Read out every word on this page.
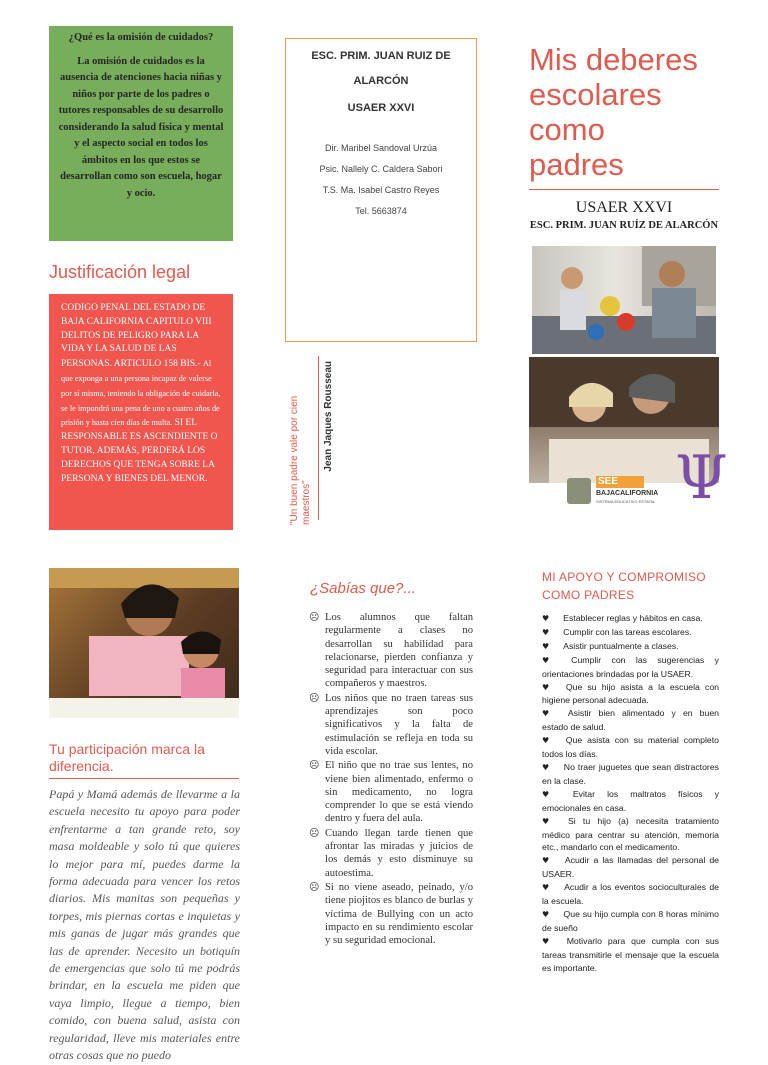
¿Qué es la omisión de cuidados?
La omisión de cuidados es la ausencia de atenciones hacia niñas y niños por parte de los padres o tutores responsables de su desarrollo considerando la salud física y mental y el aspecto social en todos los ámbitos en los que estos se desarrollan como son escuela, hogar y ocio.
Justificación legal
CODIGO PENAL DEL ESTADO DE BAJA CALIFORNIA CAPITULO VIII DELITOS DE PELIGRO PARA LA VIDA Y LA SALUD DE LAS PERSONAS. ARTICULO 158 BIS.- Al que exponga a una persona incapaz de valerse por sí misma, teniendo la obligación de cuidarla, se le impondrá una pena de uno a cuatro años de prisión y hasta cien días de multa. SI EL RESPONSABLE ES ASCENDIENTE O TUTOR, ADEMÁS, PERDERÁ LOS DERECHOS QUE TENGA SOBRE LA PERSONA Y BIENES DEL MENOR.
ESC. PRIM. JUAN RUIZ DE ALARCÓN
USAER XXVI
Dir. Maribel Sandoval Urzúa
Psic. Nallely C. Caldera Sabori
T.S. Ma. Isabel Castro Reyes
Tel. 5663874
"Un buen padre vale por cien maestros"
Jean Jaques Rousseau
Mis deberes
escolares
como
padres
USAER XXVI
ESC. PRIM. JUAN RUÍZ DE ALARCÓN
SEE
BAJACALIFORNIA
SISTEMA EDUCATIVO ESTATAL Ψ
Tu participación marca la diferencia.
Papá y Mamá además de llevarme a la escuela necesito tu apoyo para poder enfrentarme a tan grande reto, soy masa moldeable y solo tú que quieres lo mejor para mí, puedes darme la forma adecuada para vencer los retos diarios. Mis manitas son pequeñas y torpes, mis piernas cortas e inquietas y mis ganas de jugar más grandes que las de aprender. Necesito un botiquín de emergencias que solo tú me podrás brindar, en la escuela me piden que vaya limpio, llegue a tiempo, bien comido, con buena salud, asista con regularidad, lleve mis materiales entre otras cosas que no puedo
¿Sabías que?...
☹ Los alumnos que faltan regularmente a clases no desarrollan su habilidad para relacionarse, pierden confianza y seguridad para interactuar con sus compañeros y maestros.
☹ Los niños que no traen tareas sus aprendizajes son poco significativos y la falta de estimulación se refleja en toda su vida escolar.
☹ El niño que no trae sus lentes, no viene bien alimentado, enfermo o sin medicamento, no logra comprender lo que se está viendo dentro y fuera del aula.
☹ Cuando llegan tarde tienen que afrontar las miradas y juicios de los demás y esto disminuye su autoestima.
☹ Si no viene aseado, peinado, y/o tiene piojitos es blanco de burlas y víctima de Bullying con un acto impacto en su rendimiento escolar y su seguridad emocional.
MI APOYO Y COMPROMISO COMO PADRES
♥ Establecer reglas y hábitos en casa.
♥ Cumplir con las tareas escolares.
♥ Asistir puntualmente a clases.
♥ Cumplir con las sugerencias y orientaciones brindadas por la USAER.
♥ Que su hijo asista a la escuela con higiene personal adecuada.
♥ Asistir bien alimentado y en buen estado de salud.
♥ Que asista con su material completo todos los días.
♥ No traer juguetes que sean distractores en la clase.
♥ Evitar los maltratos físicos y emocionales en casa.
♥ Si tu hijo (a) necesita tratamiento médico para centrar su atención, memoria etc., mandarlo con el medicamento.
♥ Acudir a las llamadas del personal de USAER.
♥ Acudir a los eventos socioculturales de la escuela.
♥ Que su hijo cumpla con 8 horas mínimo de sueño
♥ Motivarlo para que cumpla con sus tareas transmitirle el mensaje que la escuela es importante.
